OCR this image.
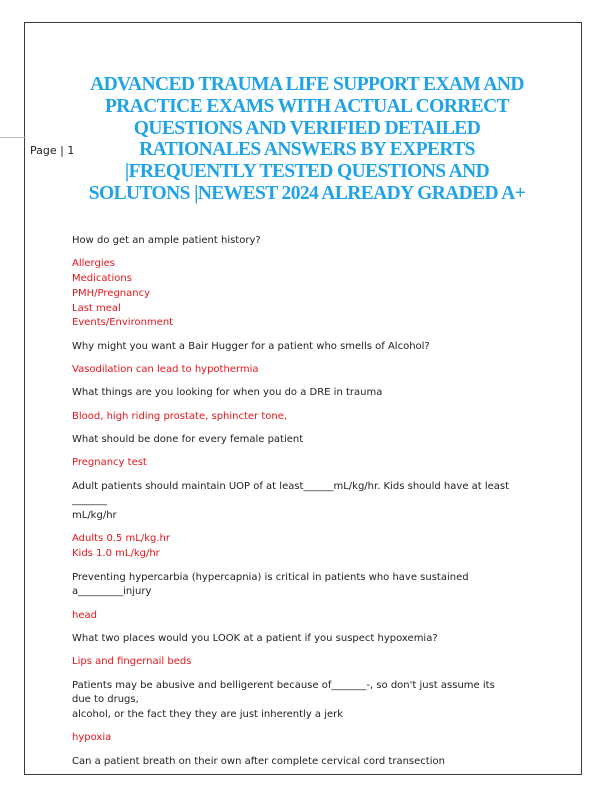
Page | 1
ADVANCED TRAUMA LIFE SUPPORT EXAM AND
PRACTICE EXAMS WITH ACTUAL CORRECT
QUESTIONS AND VERIFIED DETAILED
RATIONALES ANSWERS BY EXPERTS
|FREQUENTLY TESTED QUESTIONS AND
SOLUTONS |NEWEST 2024 ALREADY GRADED A+
How do get an ample patient history?
Allergies
Medications
PMH/Pregnancy
Last meal
Events/Environment
Why might you want a Bair Hugger for a patient who smells of Alcohol?
Vasodilation can lead to hypothermia
What things are you looking for when you do a DRE in trauma
Blood, high riding prostate, sphincter tone,
What should be done for every female patient
Pregnancy test
Adult patients should maintain UOP of at least______mL/kg/hr. Kids should have at least _______
mL/kg/hr
Adults 0.5 mL/kg.hr
Kids 1.0 mL/kg/hr
Preventing hypercarbia (hypercapnia) is critical in patients who have sustained a_________injury
head
What two places would you LOOK at a patient if you suspect hypoxemia?
Lips and fingernail beds
Patients may be abusive and belligerent because of_______-, so don't just assume its due to drugs,
alcohol, or the fact they they are just inherently a jerk
hypoxia
Can a patient breath on their own after complete cervical cord transection
